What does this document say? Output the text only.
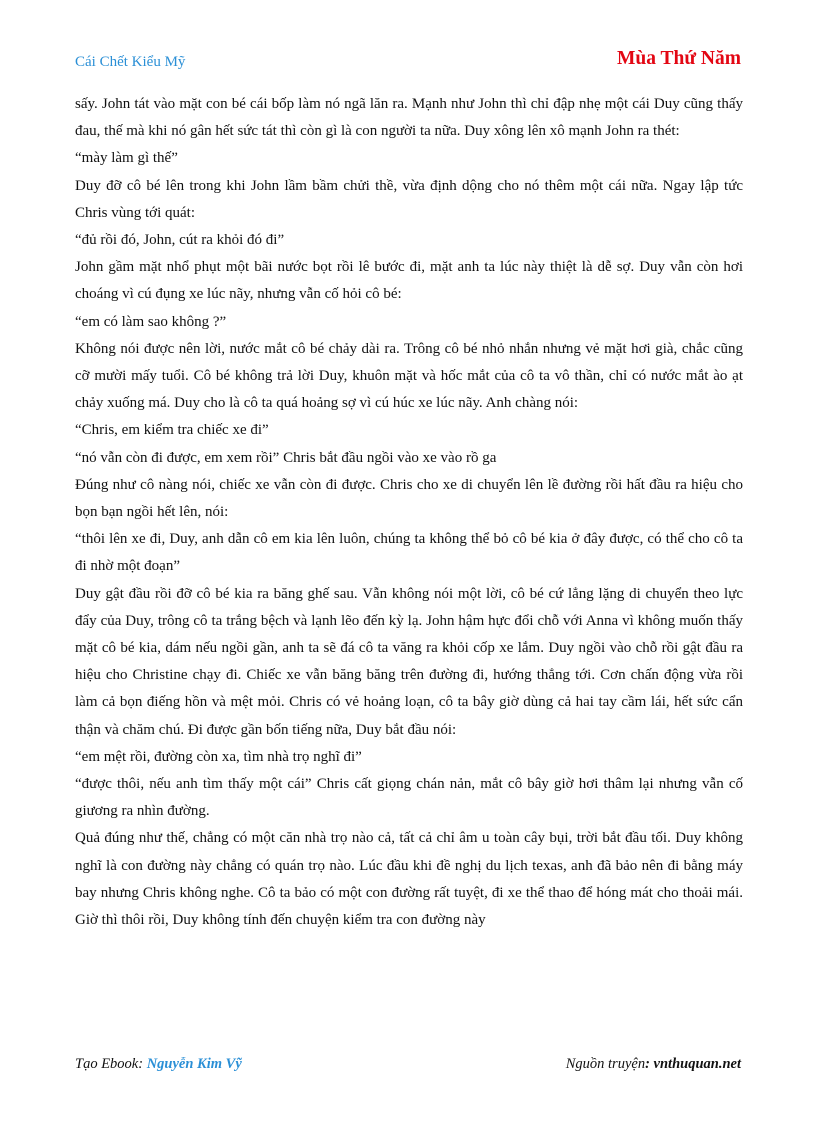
Cái Chết Kiểu Mỹ	Mùa Thứ Năm

sấy. John tát vào mặt con bé cái bốp làm nó ngã lăn ra. Mạnh như John thì chỉ đập nhẹ một cái Duy cũng thấy đau, thế mà khi nó gân hết sức tát thì còn gì là con người ta nữa. Duy xông lên xô mạnh John ra thét:

“mày làm gì thế”

Duy đỡ cô bé lên trong khi John lầm bầm chửi thề, vừa định dộng cho nó thêm một cái nữa. Ngay lập tức Chris vùng tới quát:

“đủ rồi đó, John, cút ra khỏi đó đi”

John gầm mặt nhổ phụt một bãi nước bọt rồi lê bước đi, mặt anh ta lúc này thiệt là dễ sợ. Duy vẫn còn hơi choáng vì cú đụng xe lúc nãy, nhưng vẫn cố hỏi cô bé:

“em có làm sao không ?”

Không nói được nên lời, nước mắt cô bé chảy dài ra. Trông cô bé nhỏ nhắn nhưng vẻ mặt hơi già, chắc cũng cỡ mười mấy tuổi. Cô bé không trả lời Duy, khuôn mặt và hốc mắt của cô ta vô thần, chỉ có nước mắt ào ạt chảy xuống má. Duy cho là cô ta quá hoảng sợ vì cú húc xe lúc nãy. Anh chàng nói:

“Chris, em kiểm tra chiếc xe đi”

“nó vẫn còn đi được, em xem rồi” Chris bắt đầu ngồi vào xe vào rồ ga

Đúng như cô nàng nói, chiếc xe vẫn còn đi được. Chris cho xe di chuyển lên lề đường rồi hất đầu ra hiệu cho bọn bạn ngồi hết lên, nói:

“thôi lên xe đi, Duy, anh dẫn cô em kia lên luôn, chúng ta không thể bỏ cô bé kia ở đây được, có thể cho cô ta đi nhờ một đoạn”

Duy gật đầu rồi đỡ cô bé kia ra băng ghế sau. Vẫn không nói một lời, cô bé cứ lẳng lặng di chuyển theo lực đẩy của Duy, trông cô ta trắng bệch và lạnh lẽo đến kỳ lạ. John hậm hực đổi chỗ với Anna vì không muốn thấy mặt cô bé kia, dám nếu ngồi gần, anh ta sẽ đá cô ta văng ra khỏi cốp xe lắm. Duy ngồi vào chỗ rồi gật đầu ra hiệu cho Christine chạy đi. Chiếc xe vẫn băng băng trên đường đi, hướng thẳng tới. Cơn chấn động vừa rồi làm cả bọn điếng hồn và mệt mỏi. Chris có vẻ hoảng loạn, cô ta bây giờ dùng cả hai tay cầm lái, hết sức cẩn thận và chăm chú. Đi được gần bốn tiếng nữa, Duy bắt đầu nói:

“em mệt rồi, đường còn xa, tìm nhà trọ nghĩ đi”

“được thôi, nếu anh tìm thấy một cái” Chris cất giọng chán nản, mắt cô bây giờ hơi thâm lại nhưng vẫn cố giương ra nhìn đường.

Quả đúng như thế, chẳng có một căn nhà trọ nào cả, tất cả chỉ âm u toàn cây bụi, trời bắt đầu tối. Duy không nghĩ là con đường này chẳng có quán trọ nào. Lúc đầu khi đề nghị du lịch texas, anh đã bảo nên đi bằng máy bay nhưng Chris không nghe. Cô ta bảo có một con đường rất tuyệt, đi xe thể thao để hóng mát cho thoải mái. Giờ thì thôi rồi, Duy không tính đến chuyện kiểm tra con đường này

Tạo Ebook: Nguyễn Kim Vỹ	Nguồn truyện: vnthuquan.net
